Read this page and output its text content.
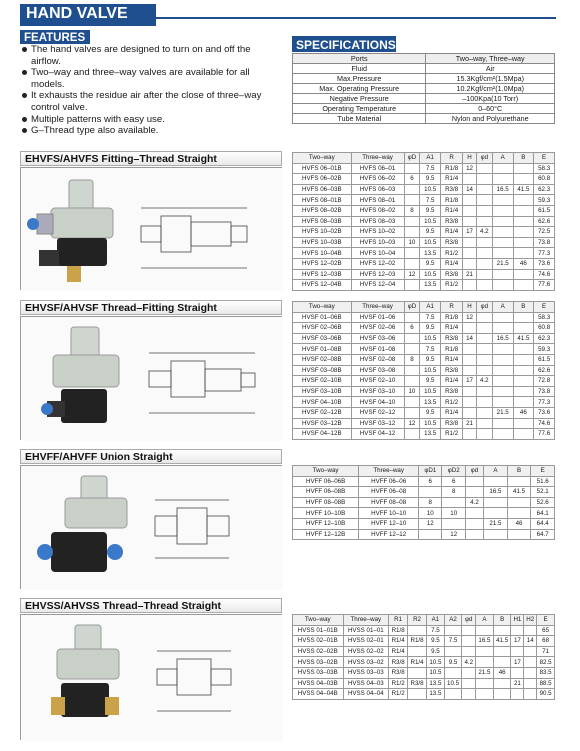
HAND VALVE
FEATURES
The hand valves are designed to turn on and off the airflow.
Two–way and three–way valves are available for all models.
It exhausts the residue air after the close of three–way control valve.
Multiple patterns with easy use.
G–Thread type also available.
SPECIFICATIONS
Ports	Two–way, Three–way
Fluid	Air
Max.Pressure	15.3Kgf/cm²(1.5Mpa)
Max. Operating Pressure	10.2Kgf/cm²(1.0Mpa)
Negative Pressure	–100Kpa(10 Torr)
Operating Temperature	0–60°C
Tube Material	Nylon and Polyurethane
EHVFS/AHVFS Fitting–Thread Straight	Two–way	Three–way	φD	A1	R	H	φd	A	B	E
HVFS 06–01B	HVFS 06–01		7.5	R1/8	12				58.3
HVFS 06–02B	HVFS 06–02	6	9.5	R1/4					60.8
HVFS 06–03B	HVFS 06–03		10.5	R3/8	14		16.5	41.5	62.3
HVFS 08–01B	HVFS 08–01		7.5	R1/8					59.3
HVFS 08–02B	HVFS 08–02	8	9.5	R1/4					61.5
HVFS 08–03B	HVFS 08–03		10.5	R3/8					62.6
HVFS 10–02B	HVFS 10–02		9.5	R1/4	17	4.2			72.5
HVFS 10–03B	HVFS 10–03	10	10.5	R3/8					73.8
HVFS 10–04B	HVFS 10–04		13.5	R1/2					77.3
HVFS 12–02B	HVFS 12–02		9.5	R1/4			21.5	46	73.6
HVFS 12–03B	HVFS 12–03	12	10.5	R3/8	21				74.6
HVFS 12–04B	HVFS 12–04		13.5	R1/2					77.6
EHVSF/AHVSF Thread–Fitting Straight	Two–way	Three–way	φD	A1	R	H	φd	A	B	E
HVSF 01–06B	HVSF 01–06		7.5	R1/8	12				58.3
HVSF 02–06B	HVSF 02–06	6	9.5	R1/4					60.8
HVSF 03–06B	HVSF 03–06		10.5	R3/8	14		16.5	41.5	62.3
HVSF 01–08B	HVSF 01–08		7.5	R1/8					59.3
HVSF 02–08B	HVSF 02–08	8	9.5	R1/4					61.5
HVSF 03–08B	HVSF 03–08		10.5	R3/8					62.6
HVSF 02–10B	HVSF 02–10		9.5	R1/4	17	4.2			72.8
HVSF 03–10B	HVSF 03–10	10	10.5	R3/8					73.8
HVSF 04–10B	HVSF 04–10		13.5	R1/2					77.3
HVSF 02–12B	HVSF 02–12		9.5	R1/4			21.5	46	73.6
HVSF 03–12B	HVSF 03–12	12	10.5	R3/8	21				74.6
HVSF 04–12B	HVSF 04–12		13.5	R1/2					77.6
EHVFF/AHVFF Union Straight
Two–way	Three–way	φD1	φD2	φd	A	B	E
HVFF 06–06B	HVFF 06–06	6	6				51.6
HVFF 06–08B	HVFF 06–08		8		16.5	41.5	52.1
HVFF 08–08B	HVFF 08–08	8		4.2			52.6
HVFF 10–10B	HVFF 10–10	10	10				64.1
HVFF 12–10B	HVFF 12–10	12			21.5	46	64.4
HVFF 12–12B	HVFF 12–12		12				64.7
EHVSS/AHVSS Thread–Thread Straight
Two–way	Three–way	R1	R2	A1	A2	φd	A	B	H1	H2	E
HVSS 01–01B	HVSS 01–01	R1/8		7.5							65
HVSS 02–01B	HVSS 02–01	R1/4	R1/8	9.5	7.5		16.5	41.5	17	14	68
HVSS 02–02B	HVSS 02–02	R1/4		9.5							71
HVSS 03–02B	HVSS 03–02	R3/8	R1/4	10.5	9.5	4.2			17		82.5
HVSS 03–03B	HVSS 03–03	R3/8		10.5			21.5	46			83.5
HVSS 04–03B	HVSS 04–03	R1/2	R3/8	13.5	10.5				21		88.5
HVSS 04–04B	HVSS 04–04	R1/2		13.5							90.5
